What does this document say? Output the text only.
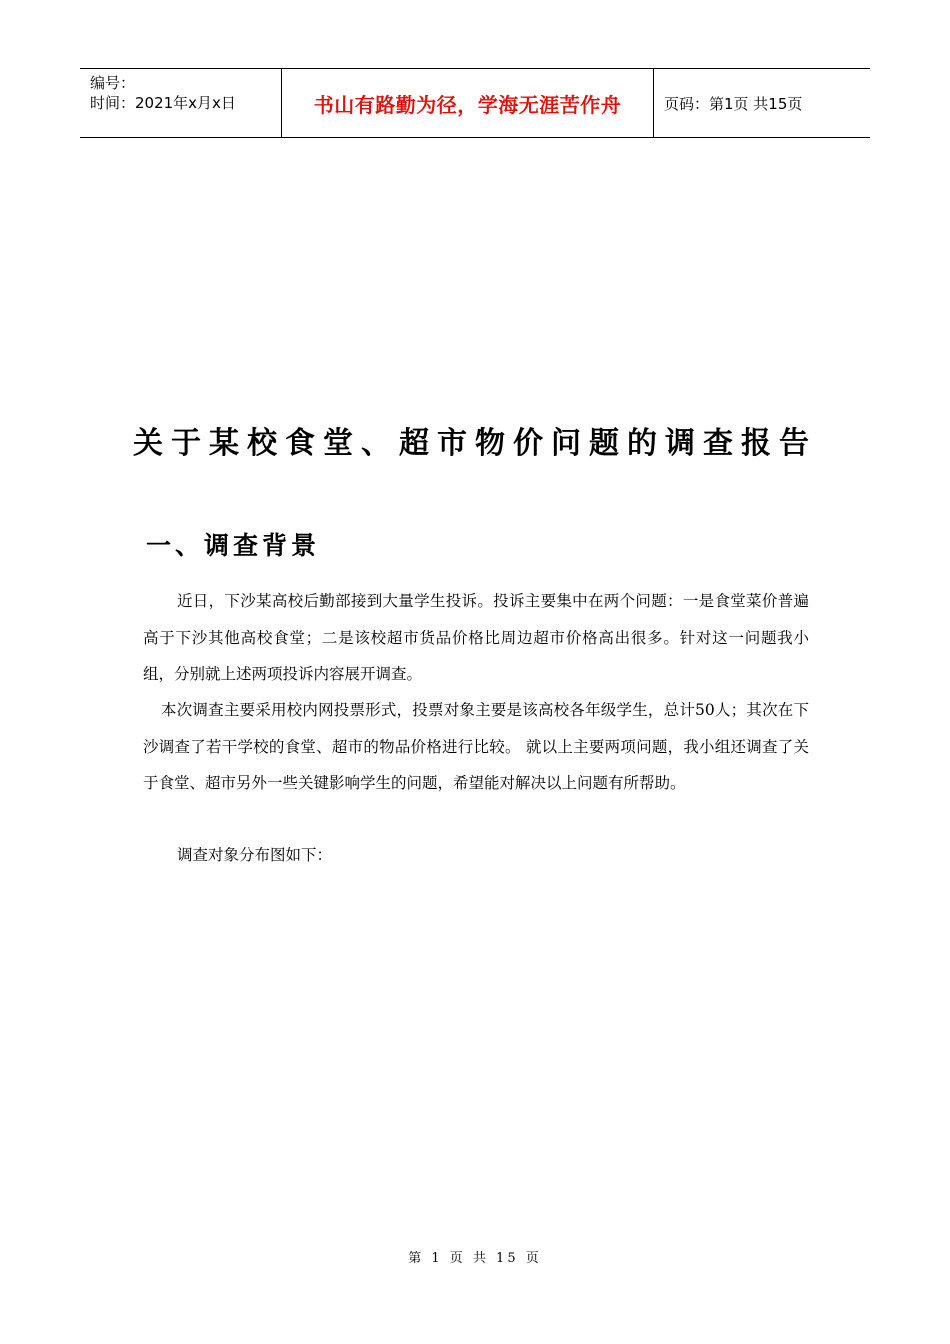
编号：
时间：2021年x月x日	书山有路勤为径，学海无涯苦作舟	页码：第1页 共15页
关于某校食堂、超市物价问题的调查报告
一、调查背景
近日，下沙某高校后勤部接到大量学生投诉。投诉主要集中在两个问题：一是食堂菜价普遍高于下沙其他高校食堂；二是该校超市货品价格比周边超市价格高出很多。针对这一问题我小组，分别就上述两项投诉内容展开调查。
本次调查主要采用校内网投票形式，投票对象主要是该高校各年级学生，总计50人；其次在下沙调查了若干学校的食堂、超市的物品价格进行比较。 就以上主要两项问题，我小组还调查了关于食堂、超市另外一些关键影响学生的问题，希望能对解决以上问题有所帮助。
调查对象分布图如下：
第 1 页 共 15 页
